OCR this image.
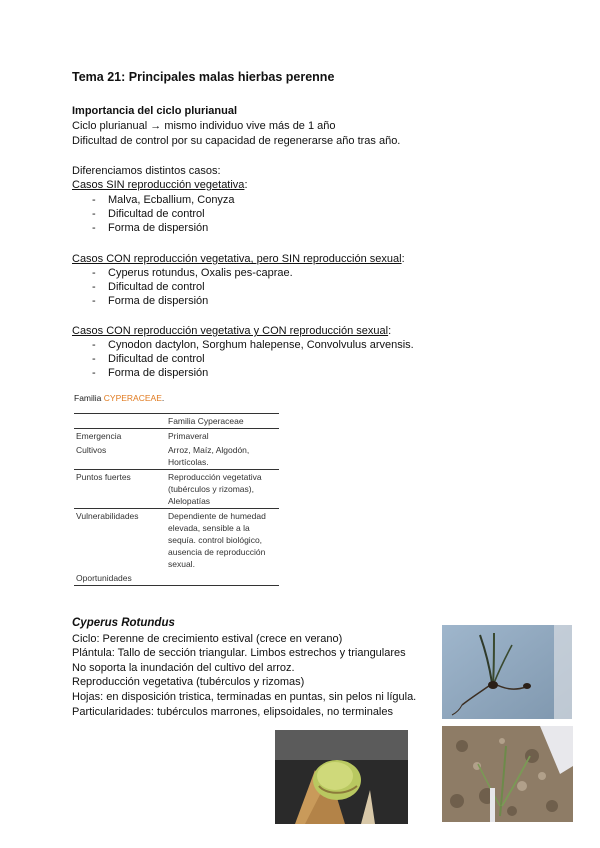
Tema 21: Principales malas hierbas perenne
Importancia del ciclo plurianual
Ciclo plurianual → mismo individuo vive más de 1 año
Dificultad de control por su capacidad de regenerarse año tras año.
Diferenciamos distintos casos:
Casos SIN reproducción vegetativa:
- Malva, Ecballium, Conyza
- Dificultad de control
- Forma de dispersión
Casos CON reproducción vegetativa, pero SIN reproducción sexual:
- Cyperus rotundus, Oxalis pes-caprae.
- Dificultad de control
- Forma de dispersión
Casos CON reproducción vegetativa y CON reproducción sexual:
- Cynodon dactylon, Sorghum halepense, Convolvulus arvensis.
- Dificultad de control
- Forma de dispersión
Familia CYPERACEAE.
	Familia Cyperaceae
Emergencia	Primaveral
Cultivos	Arroz, Maíz, Algodón, Hortícolas.
Puntos fuertes	Reproducción vegetativa (tubérculos y rizomas), Alelopatías
Vulnerabilidades	Dependiente de humedad elevada, sensible a la sequía. control biológico, ausencia de reproducción sexual.
Oportunidades	
Cyperus Rotundus
Ciclo: Perenne de crecimiento estival (crece en verano)
Plántula: Tallo de sección triangular. Limbos estrechos y triangulares
No soporta la inundación del cultivo del arroz.
Reproducción vegetativa (tubérculos y rizomas)
Hojas: en disposición tristica, terminadas en puntas, sin pelos ni lígula.
Particularidades: tubérculos marrones, elipsoidales, no terminales
